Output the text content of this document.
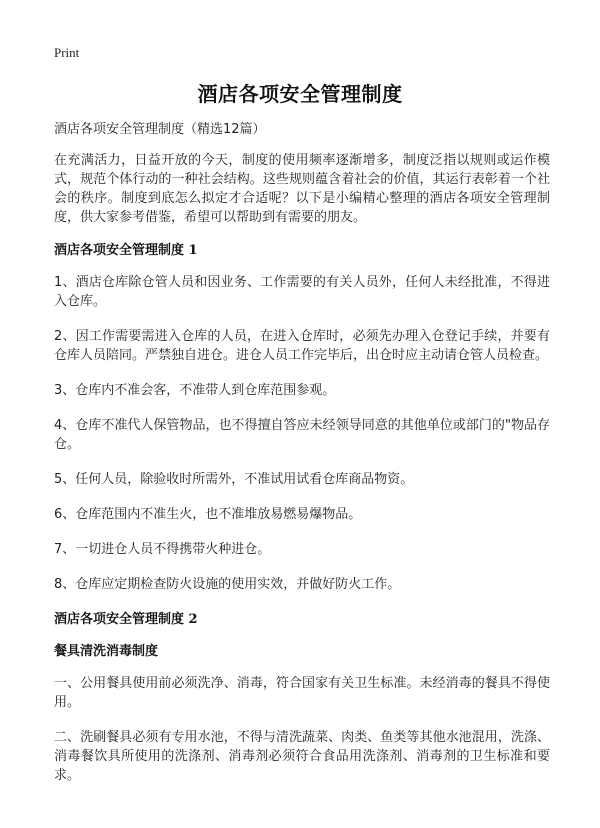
Print
酒店各项安全管理制度

酒店各项安全管理制度（精选12篇）

在充满活力，日益开放的今天，制度的使用频率逐渐增多，制度泛指以规则或运作模式，规范个体行动的一种社会结构。这些规则蕴含着社会的价值，其运行表彰着一个社会的秩序。制度到底怎么拟定才合适呢？以下是小编精心整理的酒店各项安全管理制度，供大家参考借鉴，希望可以帮助到有需要的朋友。

酒店各项安全管理制度 1

1、酒店仓库除仓管人员和因业务、工作需要的有关人员外，任何人未经批准，不得进入仓库。

2、因工作需要需进入仓库的人员，在进入仓库时，必须先办理入仓登记手续，并要有仓库人员陪同。严禁独自进仓。进仓人员工作完毕后，出仓时应主动请仓管人员检查。

3、仓库内不准会客，不准带人到仓库范围参观。

4、仓库不准代人保管物品，也不得擅自答应未经领导同意的其他单位或部门的"物品存仓。

5、任何人员，除验收时所需外，不准试用试看仓库商品物资。

6、仓库范围内不准生火，也不准堆放易燃易爆物品。

7、一切进仓人员不得携带火种进仓。

8、仓库应定期检查防火设施的使用实效，并做好防火工作。

酒店各项安全管理制度 2
餐具清洗消毒制度

一、公用餐具使用前必须洗净、消毒，符合国家有关卫生标准。未经消毒的餐具不得使用。

二、洗刷餐具必须有专用水池，不得与清洗蔬菜、肉类、鱼类等其他水池混用，洗涤、消毒餐饮具所使用的洗涤剂、消毒剂必须符合食品用洗涤剂、消毒剂的卫生标准和要求。
